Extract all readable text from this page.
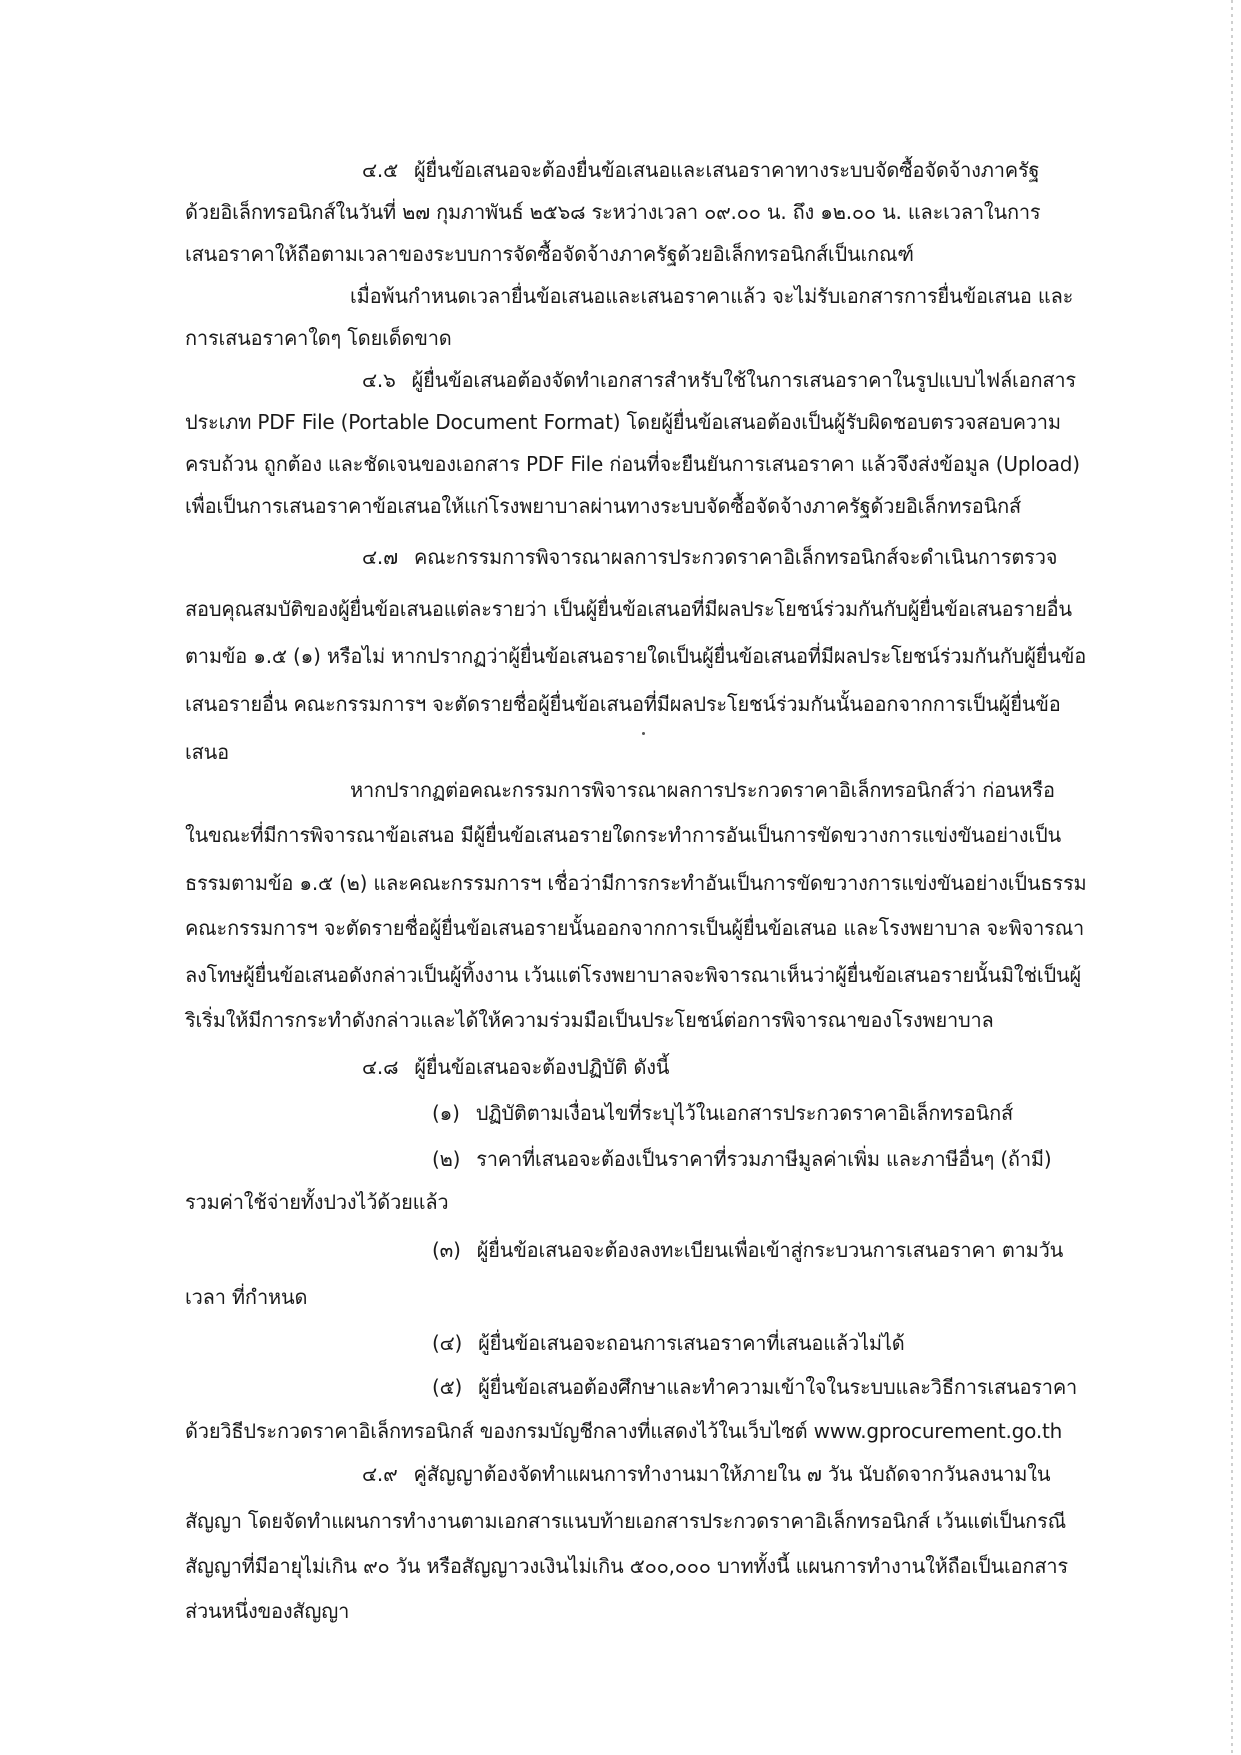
๔.๕ ผู้ยื่นข้อเสนอจะต้องยื่นข้อเสนอและเสนอราคาทางระบบจัดซื้อจัดจ้างภาครัฐ
ด้วยอิเล็กทรอนิกส์ในวันที่ ๒๗ กุมภาพันธ์ ๒๕๖๘ ระหว่างเวลา ๐๙.๐๐ น. ถึง ๑๒.๐๐ น. และเวลาในการ
เสนอราคาให้ถือตามเวลาของระบบการจัดซื้อจัดจ้างภาครัฐด้วยอิเล็กทรอนิกส์เป็นเกณฑ์
เมื่อพ้นกำหนดเวลายื่นข้อเสนอและเสนอราคาแล้ว จะไม่รับเอกสารการยื่นข้อเสนอ และ
การเสนอราคาใดๆ โดยเด็ดขาด
๔.๖ ผู้ยื่นข้อเสนอต้องจัดทำเอกสารสำหรับใช้ในการเสนอราคาในรูปแบบไฟล์เอกสาร
ประเภท PDF File (Portable Document Format) โดยผู้ยื่นข้อเสนอต้องเป็นผู้รับผิดชอบตรวจสอบความ
ครบถ้วน ถูกต้อง และชัดเจนของเอกสาร PDF File ก่อนที่จะยืนยันการเสนอราคา แล้วจึงส่งข้อมูล (Upload)
เพื่อเป็นการเสนอราคาข้อเสนอให้แก่โรงพยาบาลผ่านทางระบบจัดซื้อจัดจ้างภาครัฐด้วยอิเล็กทรอนิกส์
๔.๗ คณะกรรมการพิจารณาผลการประกวดราคาอิเล็กทรอนิกส์จะดำเนินการตรวจ
สอบคุณสมบัติของผู้ยื่นข้อเสนอแต่ละรายว่า เป็นผู้ยื่นข้อเสนอที่มีผลประโยชน์ร่วมกันกับผู้ยื่นข้อเสนอรายอื่น
ตามข้อ ๑.๕ (๑) หรือไม่ หากปรากฏว่าผู้ยื่นข้อเสนอรายใดเป็นผู้ยื่นข้อเสนอที่มีผลประโยชน์ร่วมกันกับผู้ยื่นข้อ
เสนอรายอื่น คณะกรรมการฯ จะตัดรายชื่อผู้ยื่นข้อเสนอที่มีผลประโยชน์ร่วมกันนั้นออกจากการเป็นผู้ยื่นข้อ
เสนอ
หากปรากฏต่อคณะกรรมการพิจารณาผลการประกวดราคาอิเล็กทรอนิกส์ว่า ก่อนหรือ
ในขณะที่มีการพิจารณาข้อเสนอ มีผู้ยื่นข้อเสนอรายใดกระทำการอันเป็นการขัดขวางการแข่งขันอย่างเป็น
ธรรมตามข้อ ๑.๕ (๒) และคณะกรรมการฯ เชื่อว่ามีการกระทำอันเป็นการขัดขวางการแข่งขันอย่างเป็นธรรม
คณะกรรมการฯ จะตัดรายชื่อผู้ยื่นข้อเสนอรายนั้นออกจากการเป็นผู้ยื่นข้อเสนอ และโรงพยาบาล จะพิจารณา
ลงโทษผู้ยื่นข้อเสนอดังกล่าวเป็นผู้ทิ้งงาน เว้นแต่โรงพยาบาลจะพิจารณาเห็นว่าผู้ยื่นข้อเสนอรายนั้นมิใช่เป็นผู้
ริเริ่มให้มีการกระทำดังกล่าวและได้ให้ความร่วมมือเป็นประโยชน์ต่อการพิจารณาของโรงพยาบาล
๔.๘ ผู้ยื่นข้อเสนอจะต้องปฏิบัติ ดังนี้
(๑) ปฏิบัติตามเงื่อนไขที่ระบุไว้ในเอกสารประกวดราคาอิเล็กทรอนิกส์
(๒) ราคาที่เสนอจะต้องเป็นราคาที่รวมภาษีมูลค่าเพิ่ม และภาษีอื่นๆ (ถ้ามี)
รวมค่าใช้จ่ายทั้งปวงไว้ด้วยแล้ว
(๓) ผู้ยื่นข้อเสนอจะต้องลงทะเบียนเพื่อเข้าสู่กระบวนการเสนอราคา ตามวัน
เวลา ที่กำหนด
(๔) ผู้ยื่นข้อเสนอจะถอนการเสนอราคาที่เสนอแล้วไม่ได้
(๕) ผู้ยื่นข้อเสนอต้องศึกษาและทำความเข้าใจในระบบและวิธีการเสนอราคา
ด้วยวิธีประกวดราคาอิเล็กทรอนิกส์ ของกรมบัญชีกลางที่แสดงไว้ในเว็บไซต์ www.gprocurement.go.th
๔.๙ คู่สัญญาต้องจัดทำแผนการทำงานมาให้ภายใน ๗ วัน นับถัดจากวันลงนามใน
สัญญา โดยจัดทำแผนการทำงานตามเอกสารแนบท้ายเอกสารประกวดราคาอิเล็กทรอนิกส์ เว้นแต่เป็นกรณี
สัญญาที่มีอายุไม่เกิน ๙๐ วัน หรือสัญญาวงเงินไม่เกิน ๕๐๐,๐๐๐ บาททั้งนี้ แผนการทำงานให้ถือเป็นเอกสาร
ส่วนหนึ่งของสัญญา
